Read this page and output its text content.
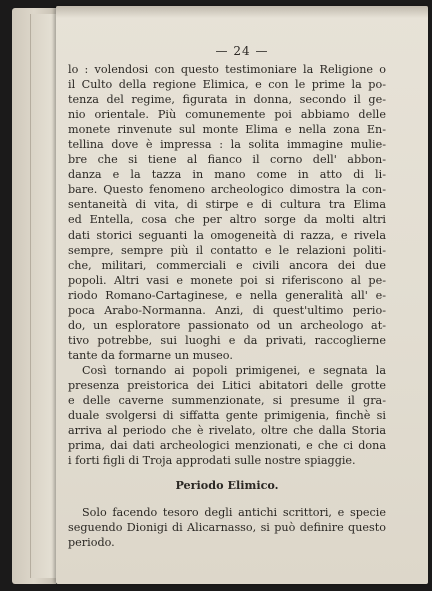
— 24 —
lo : volendosi con questo testimoniare la Religione o
il Culto della regione Elimica, e con le prime la po-
tenza del regime, figurata in donna, secondo il ge-
nio orientale. Più comunemente poi abbiamo delle
monete rinvenute sul monte Elima e nella zona En-
tellina dove è impressa : la solita immagine mulie-
bre che si tiene al fianco il corno dell' abbon-
danza e la tazza in mano come in atto di li-
bare. Questo fenomeno archeologico dimostra la con-
sentaneità di vita, di stirpe e di cultura tra Elima
ed Entella, cosa che per altro sorge da molti altri
dati storici seguanti la omogeneità di razza, e rivela
sempre, sempre più il contatto e le relazioni politi-
che, militari, commerciali e civili ancora dei due
popoli. Altri vasi e monete poi si riferiscono al pe-
riodo Romano-Cartaginese, e nella generalità all' e-
poca Arabo-Normanna. Anzi, di quest'ultimo perio-
do, un esploratore passionato od un archeologo at-
tivo potrebbe, sui luoghi e da privati, raccoglierne
tante da formarne un museo.
Così tornando ai popoli primigenei, e segnata la
presenza preistorica dei Litici abitatori delle grotte
e delle caverne summenzionate, si presume il gra-
duale svolgersi di siffatta gente primigenia, finchè si
arriva al periodo che è rivelato, oltre che dalla Storia
prima, dai dati archeologici menzionati, e che ci dona
i forti figli di Troja approdati sulle nostre spiaggie.
Periodo Elimico.
Solo facendo tesoro degli antichi scrittori, e specie
seguendo Dionigi di Alicarnasso, si può definire questo
periodo.
